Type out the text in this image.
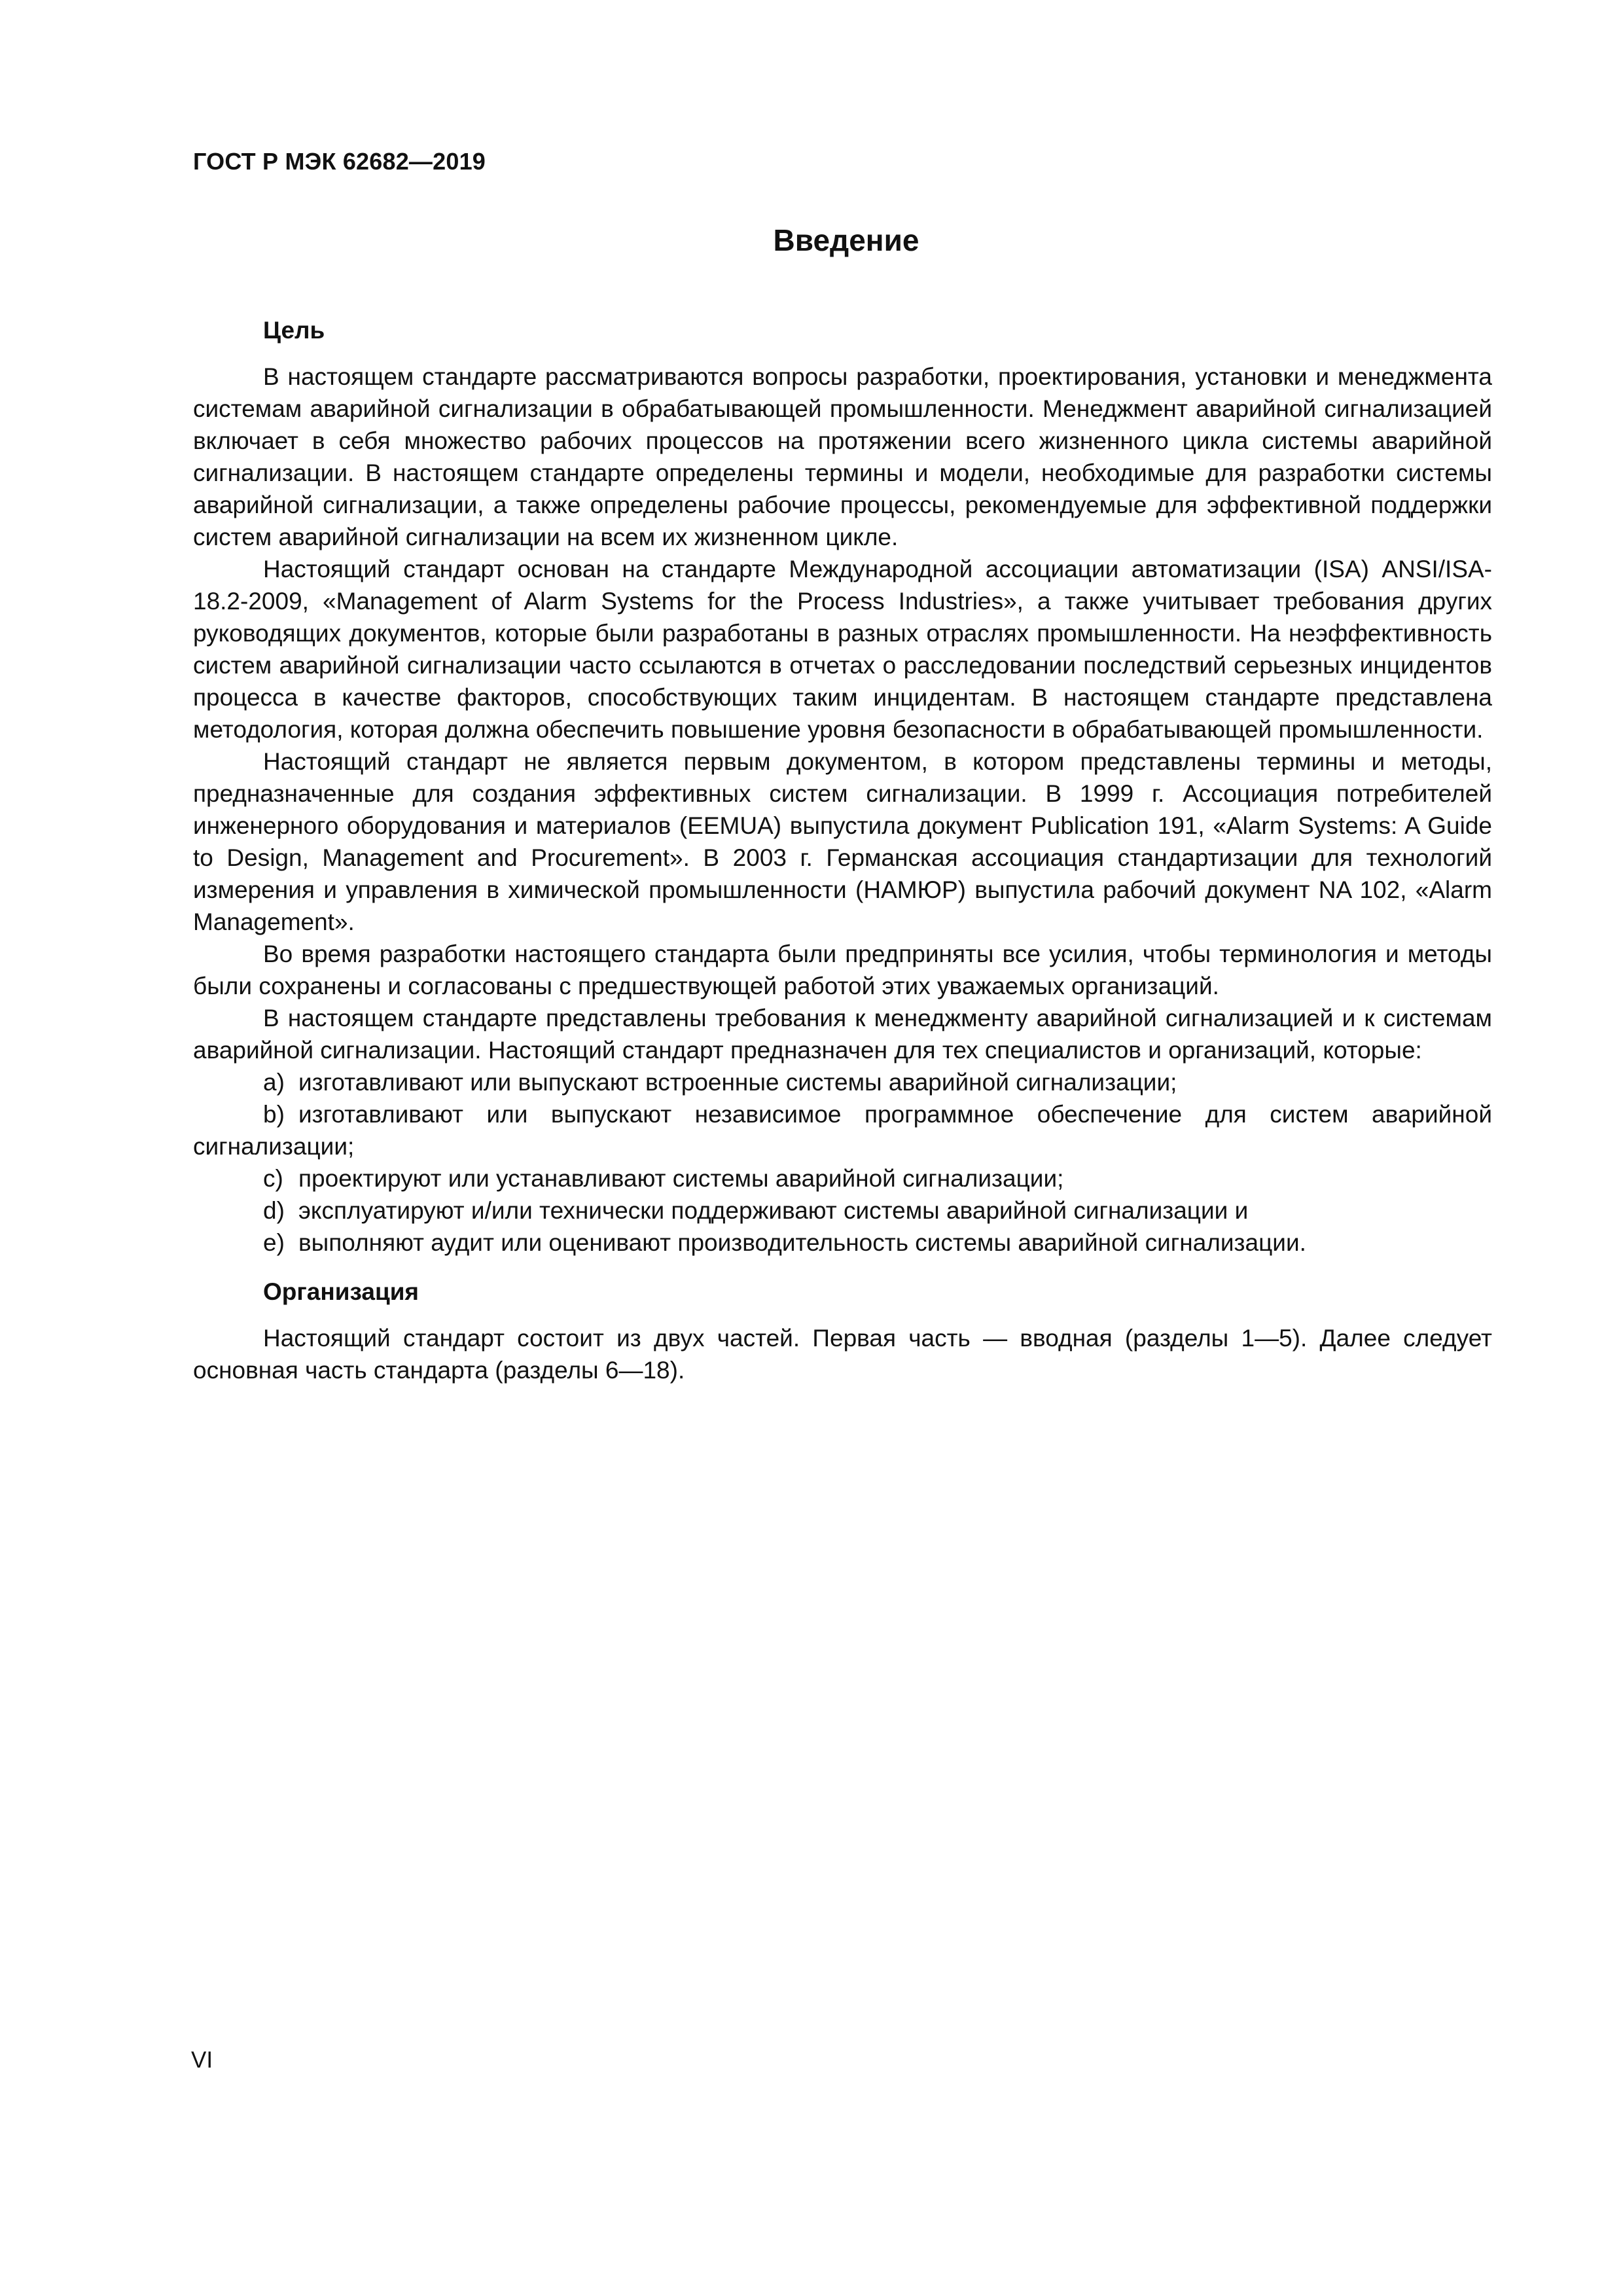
ГОСТ Р МЭК 62682—2019
Введение
Цель

В настоящем стандарте рассматриваются вопросы разработки, проектирования, установки и менеджмента системам аварийной сигнализации в обрабатывающей промышленности. Менеджмент аварийной сигнализацией включает в себя множество рабочих процессов на протяжении всего жизненного цикла системы аварийной сигнализации. В настоящем стандарте определены термины и модели, необходимые для разработки системы аварийной сигнализации, а также определены рабочие процессы, рекомендуемые для эффективной поддержки систем аварийной сигнализации на всем их жизненном цикле.

Настоящий стандарт основан на стандарте Международной ассоциации автоматизации (ISA) ANSI/ISA-18.2-2009, «Management of Alarm Systems for the Process Industries», а также учитывает требования других руководящих документов, которые были разработаны в разных отраслях промышленности. На неэффективность систем аварийной сигнализации часто ссылаются в отчетах о расследовании последствий серьезных инцидентов процесса в качестве факторов, способствующих таким инцидентам. В настоящем стандарте представлена методология, которая должна обеспечить повышение уровня безопасности в обрабатывающей промышленности.

Настоящий стандарт не является первым документом, в котором представлены термины и методы, предназначенные для создания эффективных систем сигнализации. В 1999 г. Ассоциация потребителей инженерного оборудования и материалов (EEMUA) выпустила документ Publication 191, «Alarm Systems: A Guide to Design, Management and Procurement». В 2003 г. Германская ассоциация стандартизации для технологий измерения и управления в химической промышленности (НАМЮР) выпустила рабочий документ NA 102, «Alarm Management».

Во время разработки настоящего стандарта были предприняты все усилия, чтобы терминология и методы были сохранены и согласованы с предшествующей работой этих уважаемых организаций.

В настоящем стандарте представлены требования к менеджменту аварийной сигнализацией и к системам аварийной сигнализации. Настоящий стандарт предназначен для тех специалистов и организаций, которые:

a) изготавливают или выпускают встроенные системы аварийной сигнализации;
b) изготавливают или выпускают независимое программное обеспечение для систем аварийной сигнализации;
c) проектируют или устанавливают системы аварийной сигнализации;
d) эксплуатируют и/или технически поддерживают системы аварийной сигнализации и
e) выполняют аудит или оценивают производительность системы аварийной сигнализации.
Организация

Настоящий стандарт состоит из двух частей. Первая часть — вводная (разделы 1—5). Далее следует основная часть стандарта (разделы 6—18).

VI
